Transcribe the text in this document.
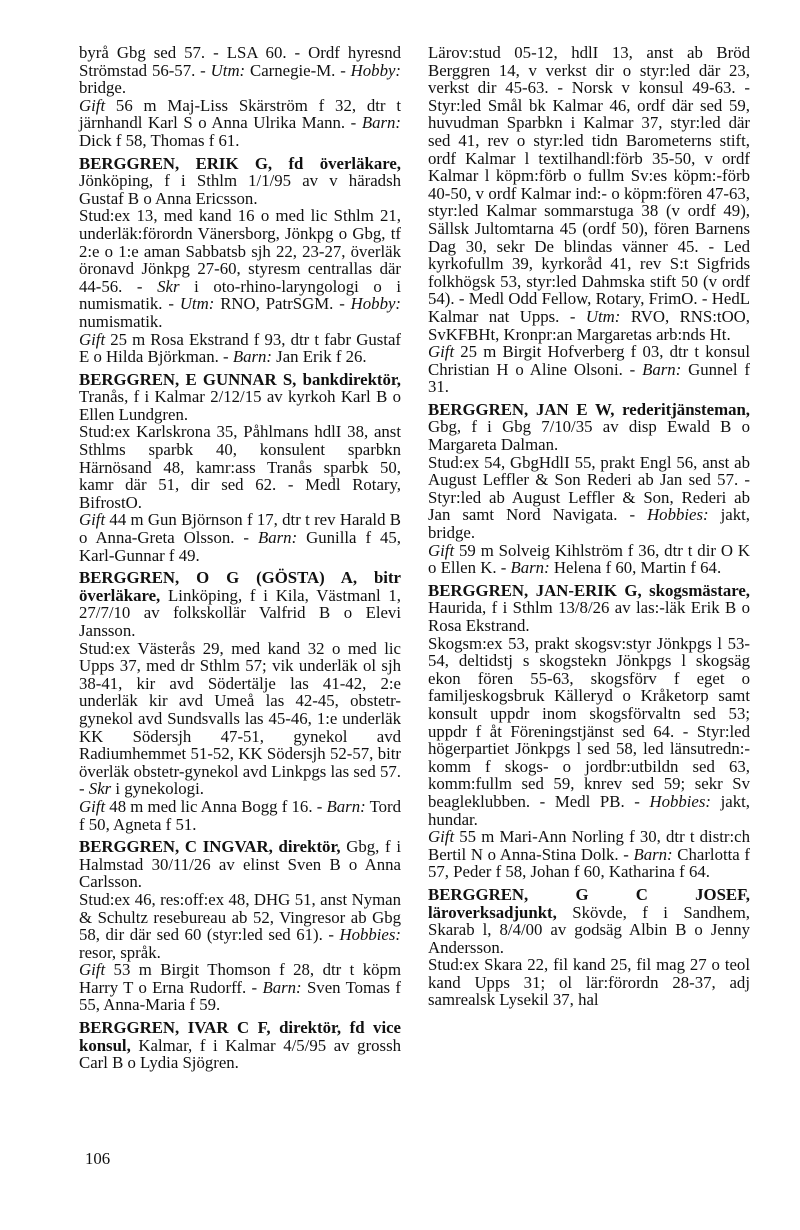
byrå Gbg sed 57. - LSA 60. - Ordf hyresnd Strömstad 56-57. - Utm: Carnegie-M. - Hobby: bridge.

Gift 56 m Maj-Liss Skärström f 32, dtr t järnhandl Karl S o Anna Ulrika Mann. - Barn: Dick f 58, Thomas f 61.

BERGGREN, ERIK G, fd överläkare, Jönköping, f i Sthlm 1/1/95 av v häradsh Gustaf B o Anna Ericsson.

Stud:ex 13, med kand 16 o med lic Sthlm 21, underläk:förordn Vänersborg, Jönkpg o Gbg, tf 2:e o 1:e aman Sabbatsb sjh 22, 23-27, överläk öronavd Jönkpg 27-60, styresm centrallas där 44-56. - Skr i oto-rhino-laryngologi o i numismatik. - Utm: RNO, PatrSGM. - Hobby: numismatik.

Gift 25 m Rosa Ekstrand f 93, dtr t fabr Gustaf E o Hilda Björkman. - Barn: Jan Erik f 26.

BERGGREN, E GUNNAR S, bankdirektör, Tranås, f i Kalmar 2/12/15 av kyrkoh Karl B o Ellen Lundgren.

Stud:ex Karlskrona 35, Påhlmans hdlI 38, anst Sthlms sparbk 40, konsulent sparbkn Härnösand 48, kamr:ass Tranås sparbk 50, kamr där 51, dir sed 62. - Medl Rotary, BifrostO.

Gift 44 m Gun Björnson f 17, dtr t rev Harald B o Anna-Greta Olsson. - Barn: Gunilla f 45, Karl-Gunnar f 49.

BERGGREN, O G (GÖSTA) A, bitr överläkare, Linköping, f i Kila, Västmanl 1, 27/7/10 av folkskollär Valfrid B o Elevi Jansson.

Stud:ex Västerås 29, med kand 32 o med lic Upps 37, med dr Sthlm 57; vik underläk ol sjh 38-41, kir avd Södertälje las 41-42, 2:e underläk kir avd Umeå las 42-45, obstetr-gynekol avd Sundsvalls las 45-46, 1:e underläk KK Södersjh 47-51, gynekol avd Radiumhemmet 51-52, KK Södersjh 52-57, bitr överläk obstetr-gynekol avd Linkpgs las sed 57. - Skr i gynekologi.

Gift 48 m med lic Anna Bogg f 16. - Barn: Tord f 50, Agneta f 51.

BERGGREN, C INGVAR, direktör, Gbg, f i Halmstad 30/11/26 av elinst Sven B o Anna Carlsson.

Stud:ex 46, res:off:ex 48, DHG 51, anst Nyman & Schultz resebureau ab 52, Vingresor ab Gbg 58, dir där sed 60 (styr:led sed 61). - Hobbies: resor, språk.

Gift 53 m Birgit Thomson f 28, dtr t köpm Harry T o Erna Rudorff. - Barn: Sven Tomas f 55, Anna-Maria f 59.

BERGGREN, IVAR C F, direktör, fd vice konsul, Kalmar, f i Kalmar 4/5/95 av grossh Carl B o Lydia Sjögren.

Lärov:stud 05-12, hdlI 13, anst ab Bröd Berggren 14, v verkst dir o styr:led där 23, verkst dir 45-63. - Norsk v konsul 49-63. - Styr:led Smål bk Kalmar 46, ordf där sed 59, huvudman Sparbkn i Kalmar 37, styr:led där sed 41, rev o styr:led tidn Barometerns stift, ordf Kalmar l textilhandl:förb 35-50, v ordf Kalmar l köpm:förb o fullm Sv:es köpm:-förb 40-50, v ordf Kalmar ind:- o köpm:fören 47-63, styr:led Kalmar sommarstuga 38 (v ordf 49), Sällsk Jultomtarna 45 (ordf 50), fören Barnens Dag 30, sekr De blindas vänner 45. - Led kyrkofullm 39, kyrkoråd 41, rev S:t Sigfrids folkhögsk 53, styr:led Dahmska stift 50 (v ordf 54). - Medl Odd Fellow, Rotary, FrimO. - HedL Kalmar nat Upps. - Utm: RVO, RNS:tOO, SvKFBHt, Kronpr:an Margaretas arb:nds Ht.

Gift 25 m Birgit Hofverberg f 03, dtr t konsul Christian H o Aline Olsoni. - Barn: Gunnel f 31.

BERGGREN, JAN E W, rederitjänsteman, Gbg, f i Gbg 7/10/35 av disp Ewald B o Margareta Dalman.

Stud:ex 54, GbgHdlI 55, prakt Engl 56, anst ab August Leffler & Son Rederi ab Jan sed 57. - Styr:led ab August Leffler & Son, Rederi ab Jan samt Nord Navigata. - Hobbies: jakt, bridge.

Gift 59 m Solveig Kihlström f 36, dtr t dir O K o Ellen K. - Barn: Helena f 60, Martin f 64.

BERGGREN, JAN-ERIK G, skogsmästare, Haurida, f i Sthlm 13/8/26 av las:-läk Erik B o Rosa Ekstrand.

Skogsm:ex 53, prakt skogsv:styr Jönkpgs l 53-54, deltidstj s skogstekn Jönkpgs l skogsäg ekon fören 55-63, skogsförv f eget o familjeskogsbruk Källeryd o Kråketorp samt konsult uppdr inom skogsförvaltn sed 53; uppdr f åt Föreningstjänst sed 64. - Styr:led högerpartiet Jönkpgs l sed 58, led länsutredn:-komm f skogs- o jordbr:utbildn sed 63, komm:fullm sed 59, knrev sed 59; sekr Sv beagleklubben. - Medl PB. - Hobbies: jakt, hundar.

Gift 55 m Mari-Ann Norling f 30, dtr t distr:ch Bertil N o Anna-Stina Dolk. - Barn: Charlotta f 57, Peder f 58, Johan f 60, Katharina f 64.

BERGGREN, G C JOSEF, läroverksadjunkt, Skövde, f i Sandhem, Skarab l, 8/4/00 av godsäg Albin B o Jenny Andersson.

Stud:ex Skara 22, fil kand 25, fil mag 27 o teol kand Upps 31; ol lär:förordn 28-37, adj samrealsk Lysekil 37, hal

106
